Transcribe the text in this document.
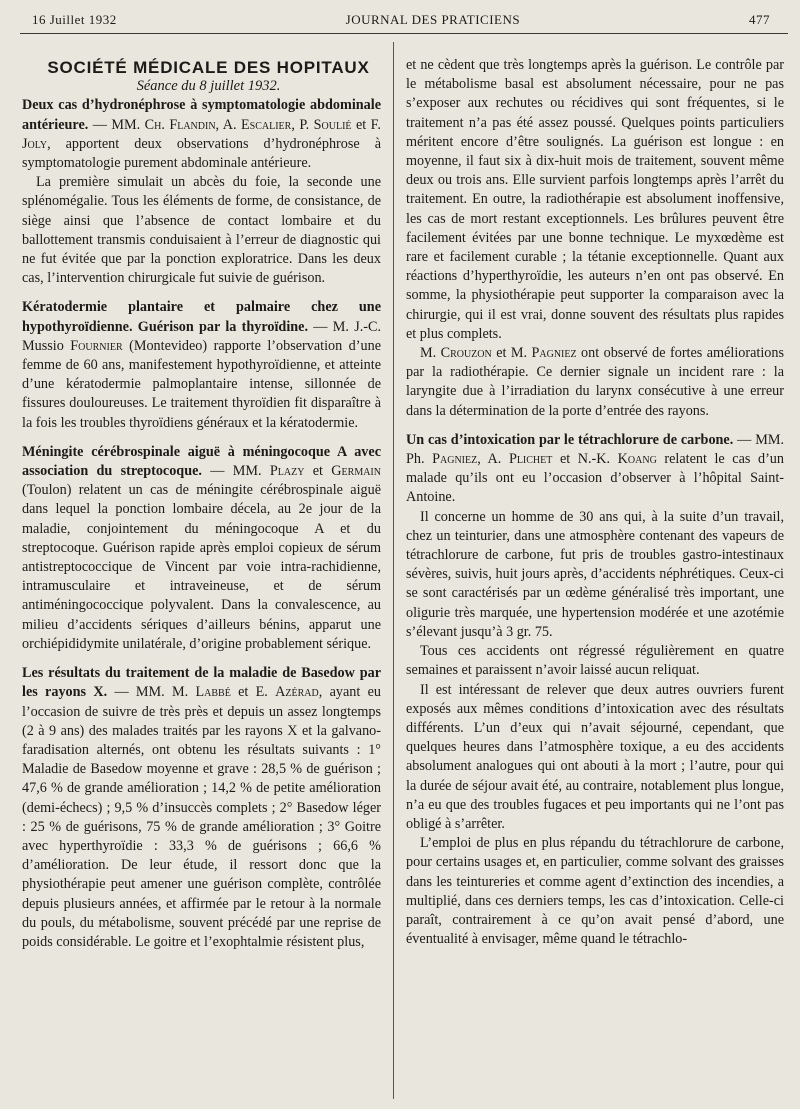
16 Juillet 1932	JOURNAL DES PRATICIENS	477

SOCIÉTÉ MÉDICALE DES HOPITAUX

Séance du 8 juillet 1932.

Deux cas d’hydronéphrose à symptomatologie abdominale antérieure. — MM. Ch. Flandin, A. Escalier, P. Soulié et F. Joly, apportent deux observations d’hydronéphrose à symptomatologie purement abdominale antérieure.

La première simulait un abcès du foie, la seconde une splénomégalie. Tous les éléments de forme, de consistance, de siège ainsi que l’absence de contact lombaire et du ballottement transmis conduisaient à l’erreur de diagnostic qui ne fut évitée que par la ponction exploratrice. Dans les deux cas, l’intervention chirurgicale fut suivie de guérison.

Kératodermie plantaire et palmaire chez une hypothyroïdienne. Guérison par la thyroïdine. — M. J.-C. Mussio Fournier (Montevideo) rapporte l’observation d’une femme de 60 ans, manifestement hypothyroïdienne, et atteinte d’une kératodermie palmoplantaire intense, sillonnée de fissures douloureuses. Le traitement thyroïdien fit disparaître à la fois les troubles thyroïdiens généraux et la kératodermie.

Méningite cérébrospinale aiguë à méningocoque A avec association du streptocoque. — MM. Plazy et Germain (Toulon) relatent un cas de méningite cérébrospinale aiguë dans lequel la ponction lombaire décela, au 2e jour de la maladie, conjointement du méningocoque A et du streptocoque. Guérison rapide après emploi copieux de sérum antistreptococcique de Vincent par voie intra-rachidienne, intramusculaire et intraveineuse, et de sérum antiméningococcique polyvalent. Dans la convalescence, au milieu d’accidents sériques d’ailleurs bénins, apparut une orchiépididymite unilatérale, d’origine probablement sérique.

Les résultats du traitement de la maladie de Basedow par les rayons X. — MM. M. Labbé et E. Azérad, ayant eu l’occasion de suivre de très près et depuis un assez longtemps (2 à 9 ans) des malades traités par les rayons X et la galvano-faradisation alternés, ont obtenu les résultats suivants : 1° Maladie de Basedow moyenne et grave : 28,5 % de guérison ; 47,6 % de grande amélioration ; 14,2 % de petite amélioration (demi-échecs) ; 9,5 % d’insuccès complets ; 2° Basedow léger : 25 % de guérisons, 75 % de grande amélioration ; 3° Goitre avec hyperthyroïdie : 33,3 % de guérisons ; 66,6 % d’amélioration. De leur étude, il ressort donc que la physiothérapie peut amener une guérison complète, contrôlée depuis plusieurs années, et affirmée par le retour à la normale du pouls, du métabolisme, souvent précédé par une reprise de poids considérable. Le goitre et l’exophtalmie résistent plus,

et ne cèdent que très longtemps après la guérison. Le contrôle par le métabolisme basal est absolument nécessaire, pour ne pas s’exposer aux rechutes ou récidives qui sont fréquentes, si le traitement n’a pas été assez poussé. Quelques points particuliers méritent encore d’être soulignés. La guérison est longue : en moyenne, il faut six à dix-huit mois de traitement, souvent même deux ou trois ans. Elle survient parfois longtemps après l’arrêt du traitement. En outre, la radiothérapie est absolument inoffensive, les cas de mort restant exceptionnels. Les brûlures peuvent être facilement évitées par une bonne technique. Le myxœdème est rare et facilement curable ; la tétanie exceptionnelle. Quant aux réactions d’hyperthyroïdie, les auteurs n’en ont pas observé. En somme, la physiothérapie peut supporter la comparaison avec la chirurgie, qui il est vrai, donne souvent des résultats plus rapides et plus complets.

M. Crouzon et M. Pagniez ont observé de fortes améliorations par la radiothérapie. Ce dernier signale un incident rare : la laryngite due à l’irradiation du larynx consécutive à une erreur dans la détermination de la porte d’entrée des rayons.

Un cas d’intoxication par le tétrachlorure de carbone. — MM. Ph. Pagniez, A. Plichet et N.-K. Koang relatent le cas d’un malade qu’ils ont eu l’occasion d’observer à l’hôpital Saint-Antoine.

Il concerne un homme de 30 ans qui, à la suite d’un travail, chez un teinturier, dans une atmosphère contenant des vapeurs de tétrachlorure de carbone, fut pris de troubles gastro-intestinaux sévères, suivis, huit jours après, d’accidents néphrétiques. Ceux-ci se sont caractérisés par un œdème généralisé très important, une oligurie très marquée, une hypertension modérée et une azotémie s’élevant jusqu’à 3 gr. 75.

Tous ces accidents ont régressé régulièrement en quatre semaines et paraissent n’avoir laissé aucun reliquat.

Il est intéressant de relever que deux autres ouvriers furent exposés aux mêmes conditions d’intoxication avec des résultats différents. L’un d’eux qui n’avait séjourné, cependant, que quelques heures dans l’atmosphère toxique, a eu des accidents absolument analogues qui ont abouti à la mort ; l’autre, pour qui la durée de séjour avait été, au contraire, notablement plus longue, n’a eu que des troubles fugaces et peu importants qui ne l’ont pas obligé à s’arrêter.

L’emploi de plus en plus répandu du tétrachlorure de carbone, pour certains usages et, en particulier, comme solvant des graisses dans les teintureries et comme agent d’extinction des incendies, a multiplié, dans ces derniers temps, les cas d’intoxication. Celle-ci paraît, contrairement à ce qu’on avait pensé d’abord, une éventualité à envisager, même quand le tétrachlo-
